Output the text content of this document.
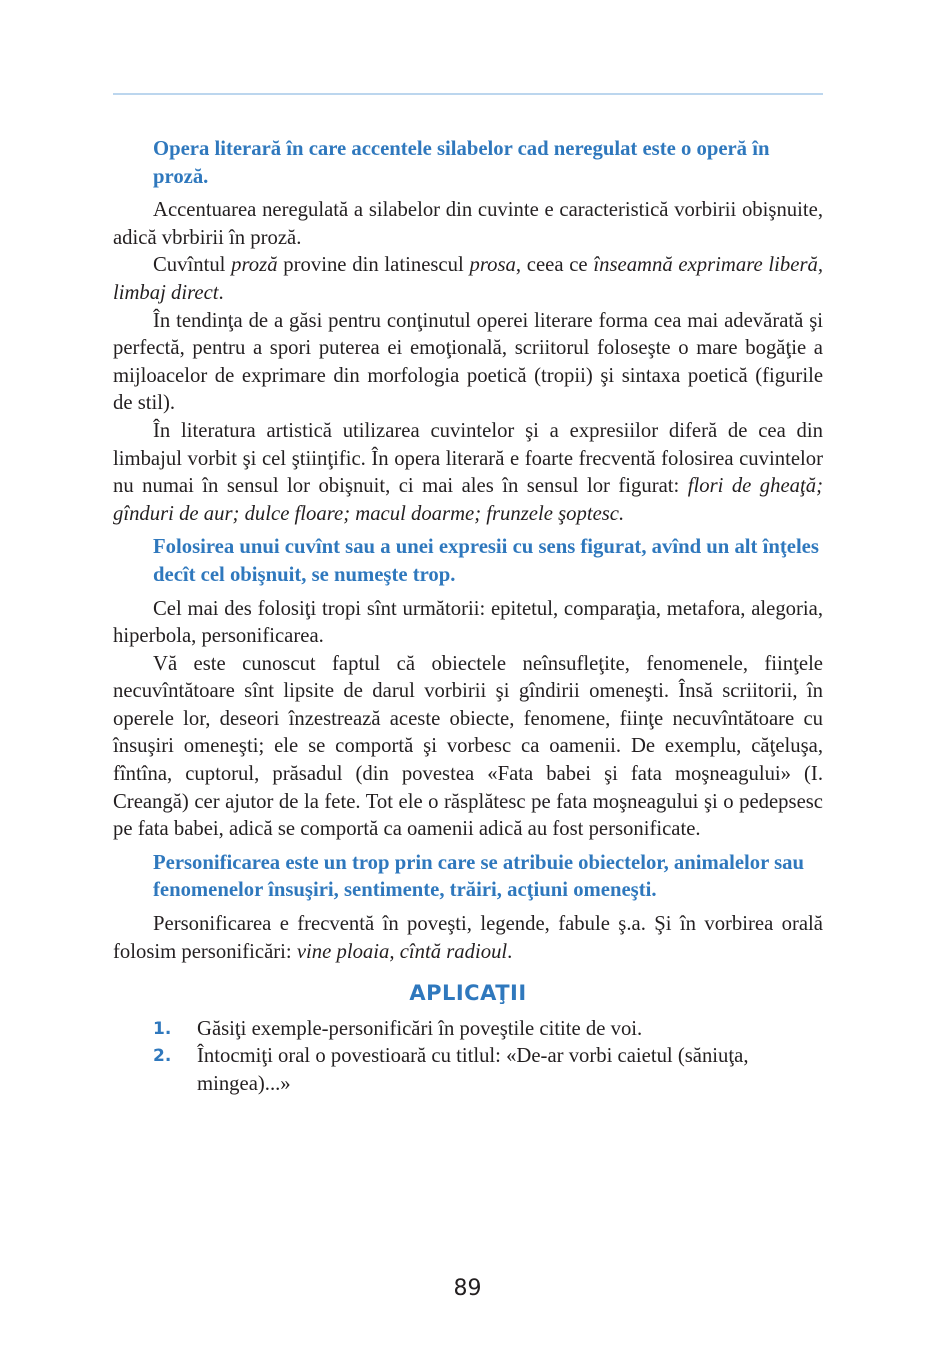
Opera literară în care accentele silabelor cad neregulat este o operă în proză.

Accentuarea neregulată a silabelor din cuvinte e caracteristică vorbirii obişnuite, adică vbrbirii în proză.

Cuvîntul proză provine din latinescul prosa, ceea ce înseamnă exprimare liberă, limbaj direct.

În tendinţa de a găsi pentru conţinutul operei literare forma cea mai adevărată şi perfectă, pentru a spori puterea ei emoţională, scriitorul foloseşte o mare bogăţie a mijloacelor de exprimare din morfologia poetică (tropii) şi sintaxa poetică (figurile de stil).

În literatura artistică utilizarea cuvintelor şi a expresiilor diferă de cea din limbajul vorbit şi cel ştiinţific. În opera literară e foarte frecventă folosirea cuvintelor nu numai în sensul lor obişnuit, ci mai ales în sensul lor figurat: flori de gheaţă; gînduri de aur; dulce floare; macul doarme; frunzele şoptesc.

Folosirea unui cuvînt sau a unei expresii cu sens figurat, avînd un alt înţeles decît cel obişnuit, se numeşte trop.

Cel mai des folosiţi tropi sînt următorii: epitetul, comparaţia, metafora, alegoria, hiperbola, personificarea.

Vă este cunoscut faptul că obiectele neînsufleţite, fenomenele, fiinţele necuvîntătoare sînt lipsite de darul vorbirii şi gîndirii omeneşti. Însă scriitorii, în operele lor, deseori înzestrează aceste obiecte, fenomene, fiinţe necuvîntătoare cu însuşiri omeneşti; ele se comportă şi vorbesc ca oamenii. De exemplu, căţeluşa, fîntîna, cuptorul, prăsadul (din povestea «Fata babei şi fata moşneagului» (I. Creangă) cer ajutor de la fete. Tot ele o răsplătesc pe fata moşneagului şi o pedepsesc pe fata babei, adică se comportă ca oamenii adică au fost personificate.

Personificarea este un trop prin care se atribuie obiectelor, animalelor sau fenomenelor însuşiri, sentimente, trăiri, acţiuni omeneşti.

Personificarea e frecventă în poveşti, legende, fabule ş.a. Şi în vorbirea orală folosim personificări: vine ploaia, cîntă radioul.

APLICAŢII
1.	Găsiţi exemple-personificări în poveştile citite de voi.
2.	Întocmiţi oral o povestioară cu titlul: «De-ar vorbi caietul (săniuţa, mingea)...»
89
